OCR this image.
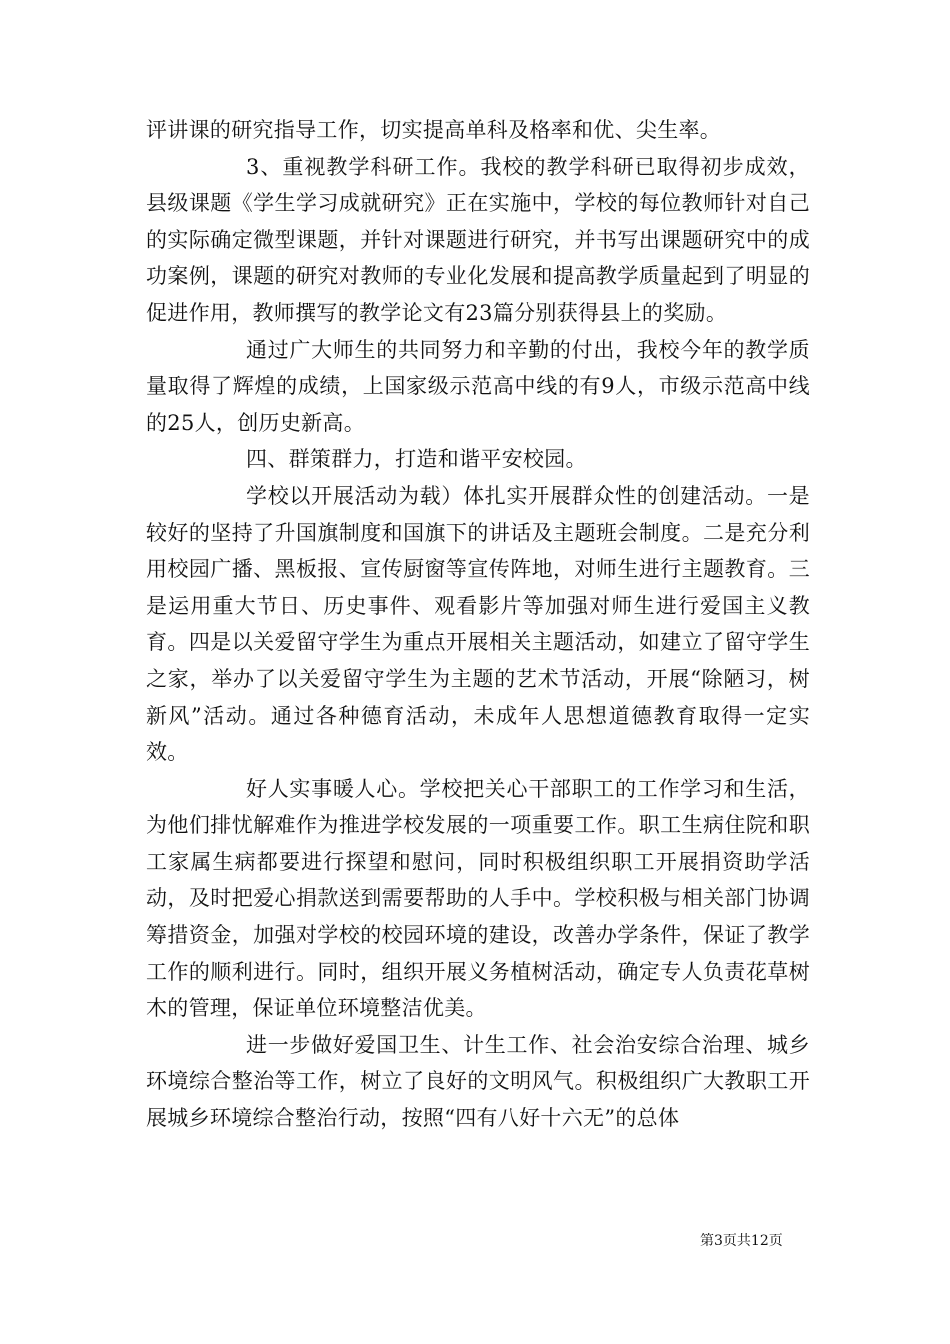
评讲课的研究指导工作，切实提高单科及格率和优、尖生率。

3、重视教学科研工作。我校的教学科研已取得初步成效，县级课题《学生学习成就研究》正在实施中，学校的每位教师针对自己的实际确定微型课题，并针对课题进行研究，并书写出课题研究中的成功案例，课题的研究对教师的专业化发展和提高教学质量起到了明显的促进作用，教师撰写的教学论文有23篇分别获得县上的奖励。

通过广大师生的共同努力和辛勤的付出，我校今年的教学质量取得了辉煌的成绩，上国家级示范高中线的有9人，市级示范高中线的25人，创历史新高。

四、群策群力，打造和谐平安校园。

学校以开展活动为载）体扎实开展群众性的创建活动。一是较好的坚持了升国旗制度和国旗下的讲话及主题班会制度。二是充分利用校园广播、黑板报、宣传厨窗等宣传阵地，对师生进行主题教育。三是运用重大节日、历史事件、观看影片等加强对师生进行爱国主义教育。四是以关爱留守学生为重点开展相关主题活动，如建立了留守学生之家，举办了以关爱留守学生为主题的艺术节活动，开展“除陋习，树新风”活动。通过各种德育活动，未成年人思想道德教育取得一定实效。

好人实事暖人心。学校把关心干部职工的工作学习和生活，为他们排忧解难作为推进学校发展的一项重要工作。职工生病住院和职工家属生病都要进行探望和慰问，同时积极组织职工开展捐资助学活动，及时把爱心捐款送到需要帮助的人手中。学校积极与相关部门协调筹措资金，加强对学校的校园环境的建设，改善办学条件，保证了教学工作的顺利进行。同时，组织开展义务植树活动，确定专人负责花草树木的管理，保证单位环境整洁优美。

进一步做好爱国卫生、计生工作、社会治安综合治理、城乡环境综合整治等工作，树立了良好的文明风气。积极组织广大教职工开展城乡环境综合整治行动，按照“四有八好十六无”的总体

第3页共12页
